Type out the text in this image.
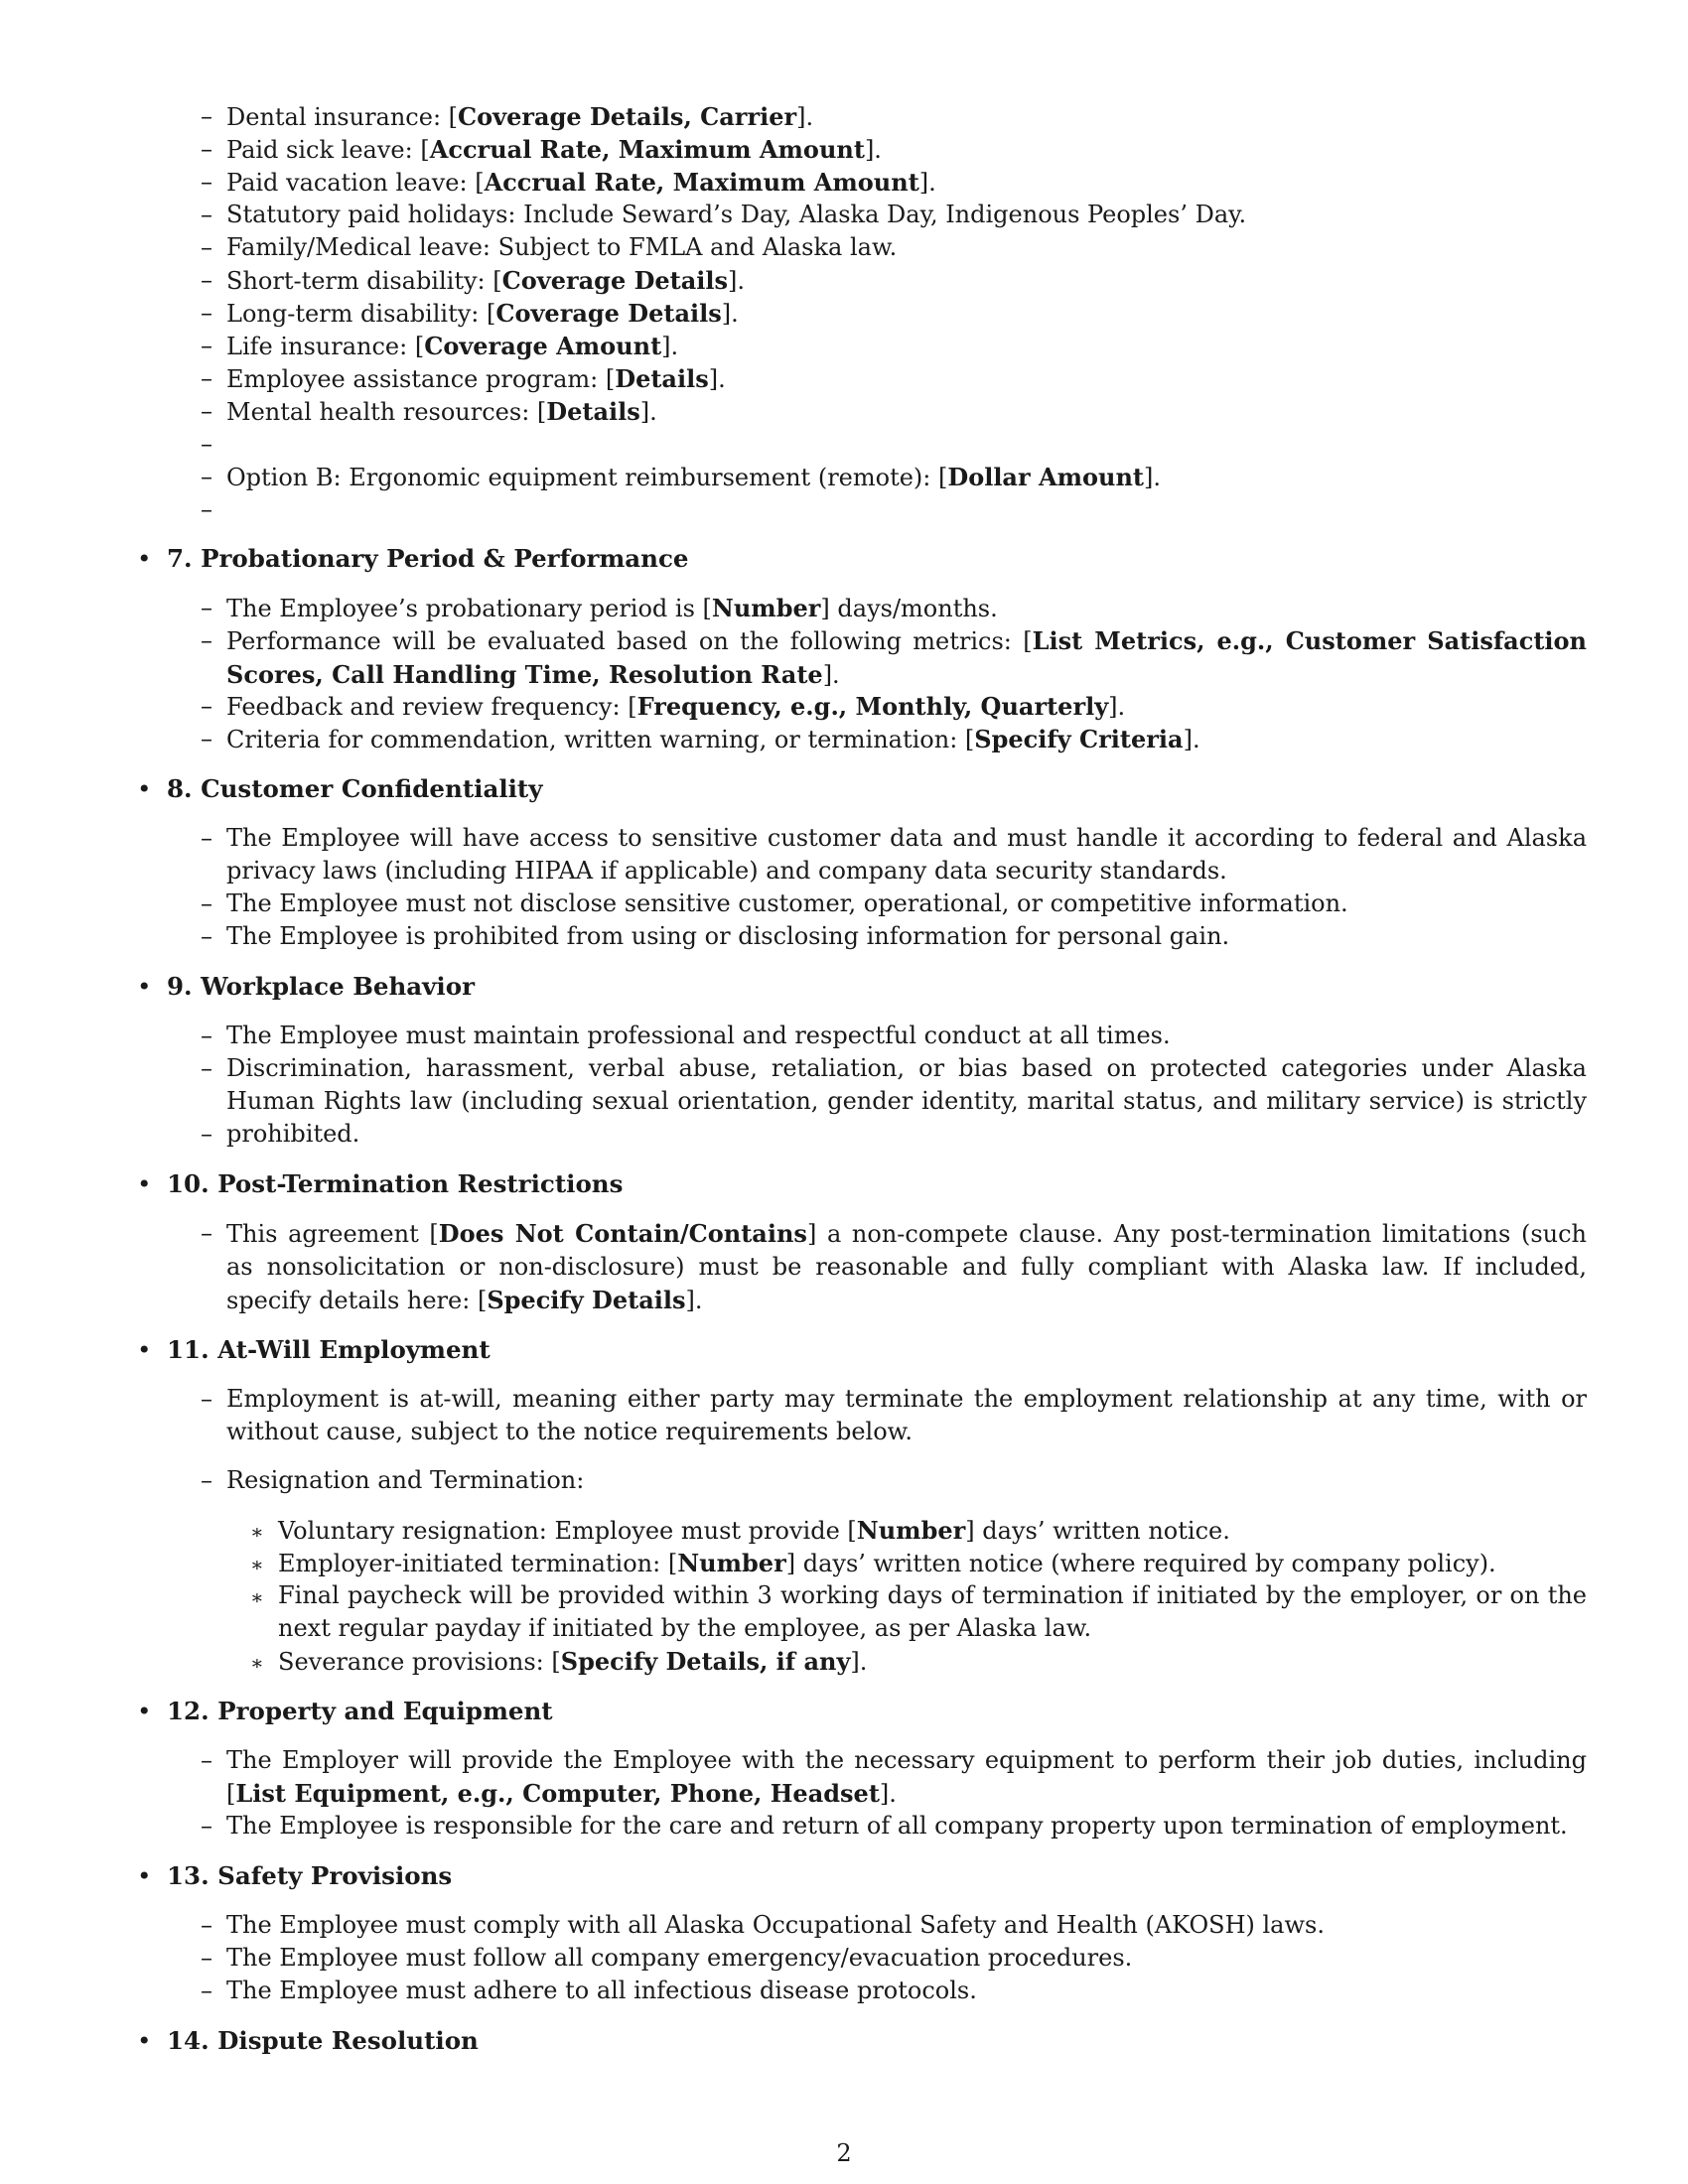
– Dental insurance: [Coverage Details, Carrier].
– Paid sick leave: [Accrual Rate, Maximum Amount].
– Paid vacation leave: [Accrual Rate, Maximum Amount].
– Statutory paid holidays: Include Seward’s Day, Alaska Day, Indigenous Peoples’ Day.
– Family/Medical leave: Subject to FMLA and Alaska law.
– Short-term disability: [Coverage Details].
– Long-term disability: [Coverage Details].
– Life insurance: [Coverage Amount].
– Employee assistance program: [Details].
– Mental health resources: [Details].
–
– Option B: Ergonomic equipment reimbursement (remote): [Dollar Amount].
–
• 7. Probationary Period & Performance
– The Employee’s probationary period is [Number] days/months.
– Performance will be evaluated based on the following metrics: [List Metrics, e.g., Customer Satisfaction Scores, Call Handling Time, Resolution Rate].
– Feedback and review frequency: [Frequency, e.g., Monthly, Quarterly].
– Criteria for commendation, written warning, or termination: [Specify Criteria].
• 8. Customer Confidentiality
– The Employee will have access to sensitive customer data and must handle it according to federal and Alaska privacy laws (including HIPAA if applicable) and company data security standards.
– The Employee must not disclose sensitive customer, operational, or competitive information.
– The Employee is prohibited from using or disclosing information for personal gain.
• 9. Workplace Behavior
– The Employee must maintain professional and respectful conduct at all times.
– Discrimination, harassment, verbal abuse, retaliation, or bias based on protected categories under Alaska Human Rights law (including sexual orientation, gender identity, marital status, and military service) is strictly prohibited.
–
• 10. Post-Termination Restrictions
– This agreement [Does Not Contain/Contains] a non-compete clause. Any post-termination limitations (such as nonsolicitation or non-disclosure) must be reasonable and fully compliant with Alaska law. If included, specify details here: [Specify Details].
• 11. At-Will Employment
– Employment is at-will, meaning either party may terminate the employment relationship at any time, with or without cause, subject to the notice requirements below.
– Resignation and Termination:
∗ Voluntary resignation: Employee must provide [Number] days’ written notice.
∗ Employer-initiated termination: [Number] days’ written notice (where required by company policy).
∗ Final paycheck will be provided within 3 working days of termination if initiated by the employer, or on the next regular payday if initiated by the employee, as per Alaska law.
∗ Severance provisions: [Specify Details, if any].
• 12. Property and Equipment
– The Employer will provide the Employee with the necessary equipment to perform their job duties, including [List Equipment, e.g., Computer, Phone, Headset].
– The Employee is responsible for the care and return of all company property upon termination of employment.
• 13. Safety Provisions
– The Employee must comply with all Alaska Occupational Safety and Health (AKOSH) laws.
– The Employee must follow all company emergency/evacuation procedures.
– The Employee must adhere to all infectious disease protocols.
• 14. Dispute Resolution
2
